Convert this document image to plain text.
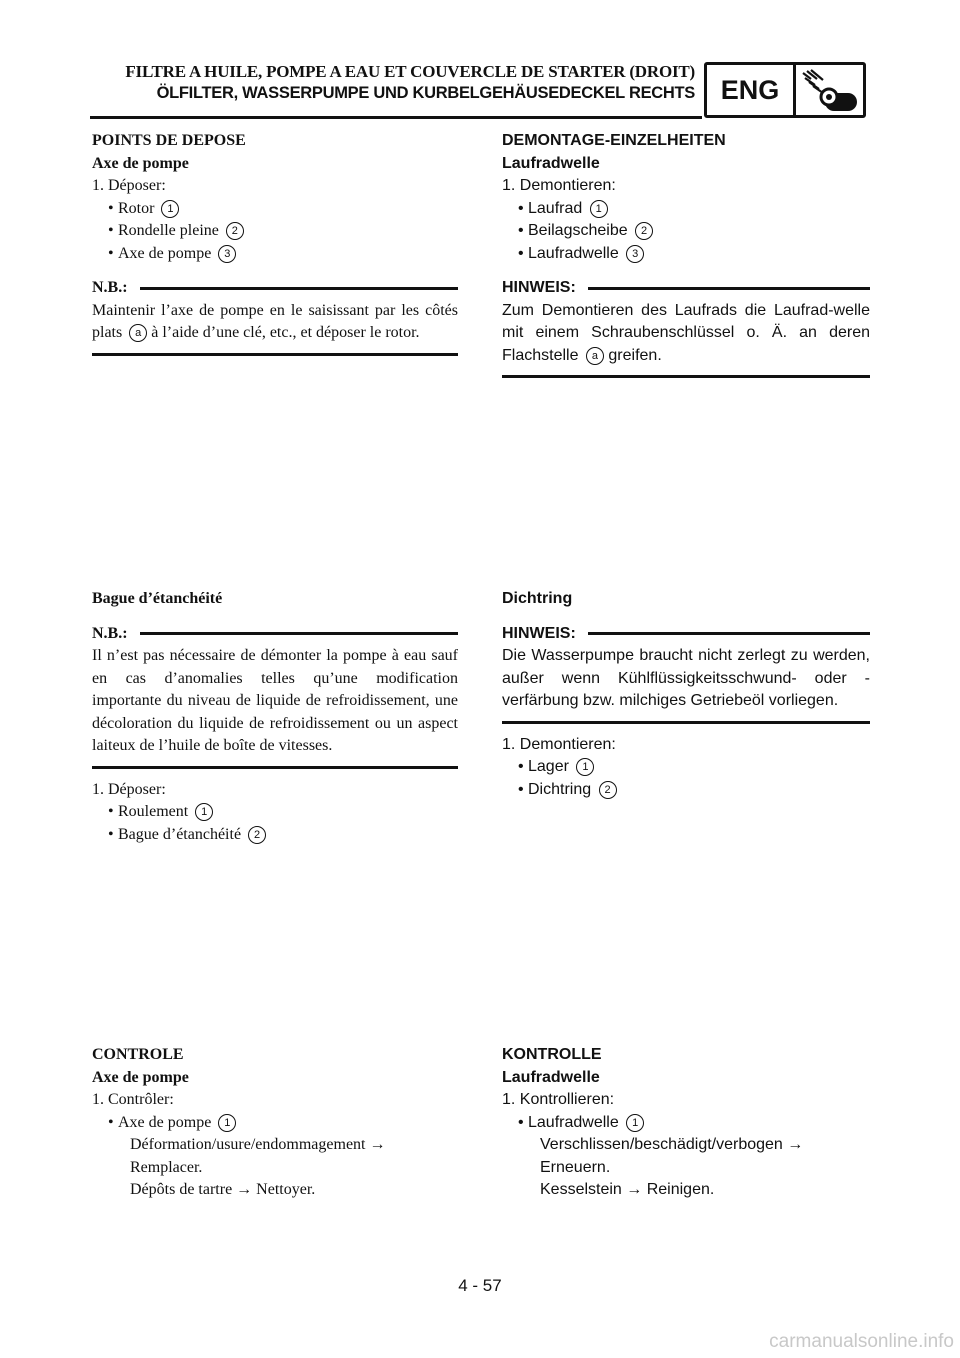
FILTRE A HUILE, POMPE A EAU ET COUVERCLE DE STARTER (DROIT)
ÖLFILTER, WASSERPUMPE UND KURBELGEHÄUSEDECKEL RECHTS ENG
POINTS DE DEPOSE
Axe de pompe
1. Déposer:
• Rotor 1
• Rondelle pleine 2
• Axe de pompe 3
N.B.:
Maintenir l’axe de pompe en le saisissant par les côtés plats a à l’aide d’une clé, etc., et déposer le rotor.
DEMONTAGE-EINZELHEITEN
Laufradwelle
1. Demontieren:
• Laufrad 1
• Beilagscheibe 2
• Laufradwelle 3
HINWEIS:
Zum Demontieren des Laufrads die Laufrad-welle mit einem Schraubenschlüssel o. Ä. an deren Flachstelle a greifen.
Bague d’étanchéité
N.B.:
Il n’est pas nécessaire de démonter la pompe à eau sauf en cas d’anomalies telles qu’une modification importante du niveau de liquide de refroidissement, une décoloration du liquide de refroidissement ou un aspect laiteux de l’huile de boîte de vitesses.
1. Déposer:
• Roulement 1
• Bague d’étanchéité 2
Dichtring
HINWEIS:
Die Wasserpumpe braucht nicht zerlegt zu werden, außer wenn Kühlflüssigkeitsschwund- oder -verfärbung bzw. milchiges Getriebeöl vorliegen.
1. Demontieren:
• Lager 1
• Dichtring 2
CONTROLE
Axe de pompe
1. Contrôler:
• Axe de pompe 1
Déformation/usure/endommagement →
Remplacer.
Dépôts de tartre → Nettoyer.
KONTROLLE
Laufradwelle
1. Kontrollieren:
• Laufradwelle 1
Verschlissen/beschädigt/verbogen →
Erneuern.
Kesselstein → Reinigen.
4 - 57
carmanualsonline.info
